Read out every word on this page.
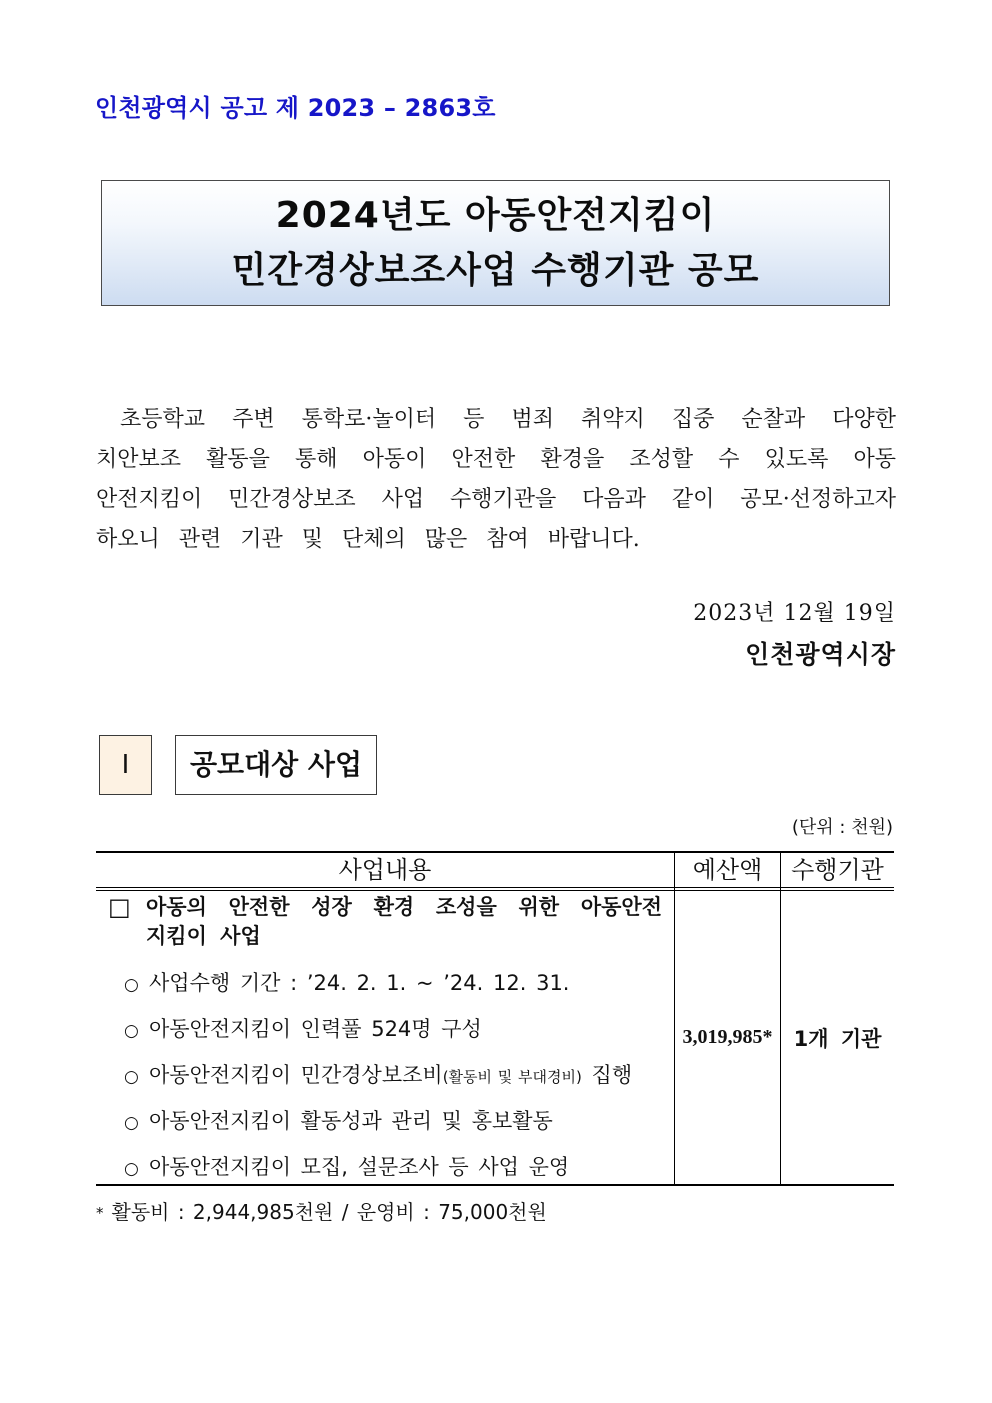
인천광역시 공고 제 2023 – 2863호
2024년도 아동안전지킴이
민간경상보조사업 수행기관 공모
초등학교 주변 통학로·놀이터 등 범죄 취약지 집중 순찰과 다양한
치안보조 활동을 통해 아동이 안전한 환경을 조성할 수 있도록 아동
안전지킴이 민간경상보조 사업 수행기관을 다음과 같이 공모·선정하고자
하오니 관련 기관 및 단체의 많은 참여 바랍니다.
2023년 12월 19일
인천광역시장
Ⅰ	공모대상 사업
(단위 : 천원)
사업내용	예산액	수행기관
□ 아동의 안전한 성장 환경 조성을 위한 아동안전
지킴이 사업
○ 사업수행 기간 : ’24. 2. 1. ~ ’24. 12. 31.
○ 아동안전지킴이 인력풀 524명 구성
○ 아동안전지킴이 민간경상보조비(활동비 및 부대경비) 집행
○ 아동안전지킴이 활동성과 관리 및 홍보활동
○ 아동안전지킴이 모집, 설문조사 등 사업 운영
3,019,985* 1개 기관
* 활동비 : 2,944,985천원 / 운영비 : 75,000천원
